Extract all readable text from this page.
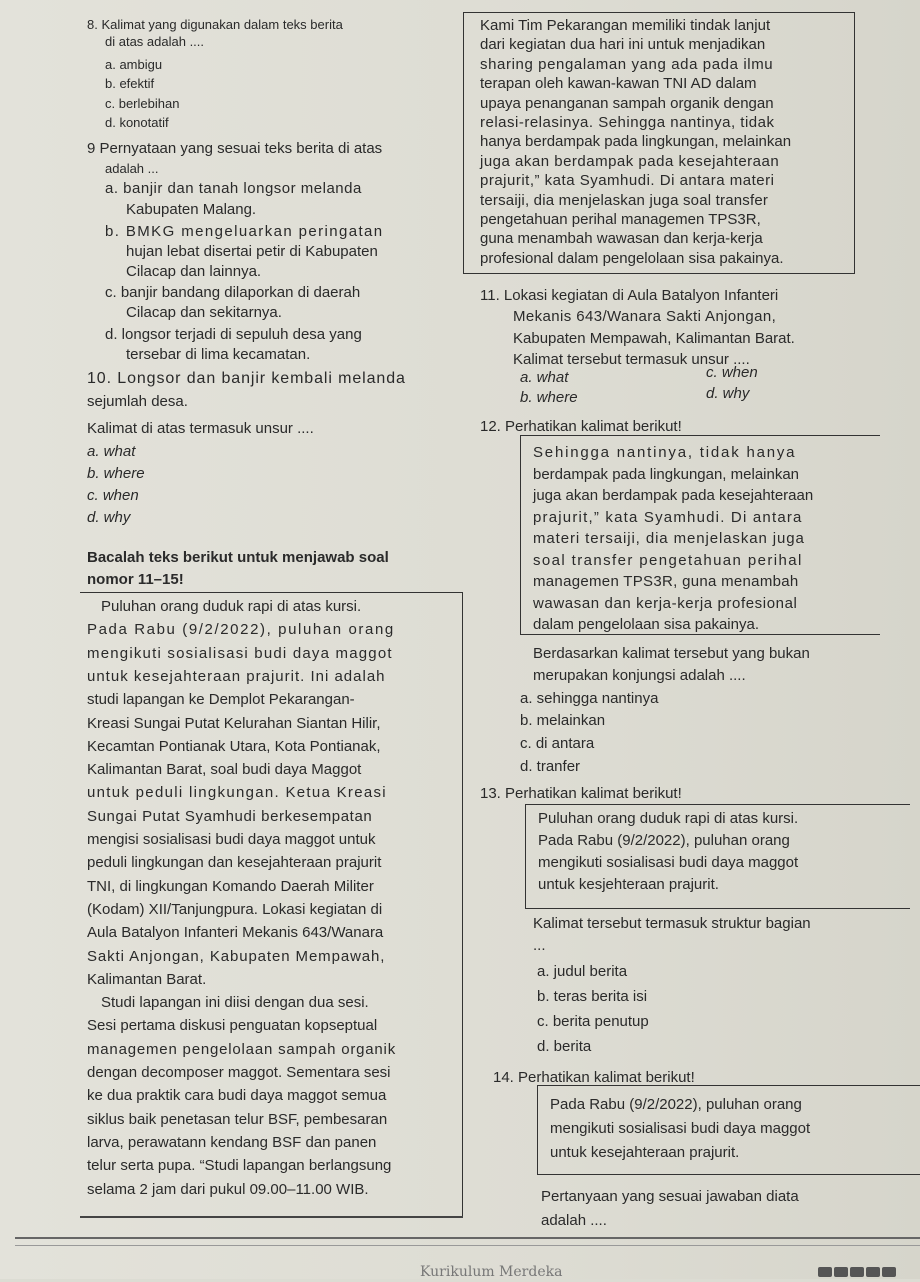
8. Kalimat yang digunakan dalam teks berita
di atas adalah ....
a. ambigu
b. efektif
c. berlebihan
d. konotatif
9 Pernyataan yang sesuai teks berita di atas
adalah ...
a. banjir dan tanah longsor melanda
Kabupaten Malang.
b. BMKG mengeluarkan peringatan
hujan lebat disertai petir di Kabupaten
Cilacap dan lainnya.
c. banjir bandang dilaporkan di daerah
Cilacap dan sekitarnya.
d. longsor terjadi di sepuluh desa yang
tersebar di lima kecamatan.
10. Longsor dan banjir kembali melanda
sejumlah desa.
Kalimat di atas termasuk unsur ....
a. what
b. where
c. when
d. why
Bacalah teks berikut untuk menjawab soal
nomor 11–15!
Puluhan orang duduk rapi di atas kursi.
Pada Rabu (9/2/2022), puluhan orang
mengikuti sosialisasi budi daya maggot
untuk kesejahteraan prajurit. Ini adalah
studi lapangan ke Demplot Pekarangan-
Kreasi Sungai Putat Kelurahan Siantan Hilir,
Kecamtan Pontianak Utara, Kota Pontianak,
Kalimantan Barat, soal budi daya Maggot
untuk peduli lingkungan. Ketua Kreasi
Sungai Putat Syamhudi berkesempatan
mengisi sosialisasi budi daya maggot untuk
peduli lingkungan dan kesejahteraan prajurit
TNI, di lingkungan Komando Daerah Militer
(Kodam) XII/Tanjungpura. Lokasi kegiatan di
Aula Batalyon Infanteri Mekanis 643/Wanara
Sakti Anjongan, Kabupaten Mempawah,
Kalimantan Barat.
Studi lapangan ini diisi dengan dua sesi.
Sesi pertama diskusi penguatan kopseptual
managemen pengelolaan sampah organik
dengan decomposer maggot. Sementara sesi
ke dua praktik cara budi daya maggot semua
siklus baik penetasan telur BSF, pembesaran
larva, perawatann kendang BSF dan panen
telur serta pupa. “Studi lapangan berlangsung
selama 2 jam dari pukul 09.00–11.00 WIB.
Kami Tim Pekarangan memiliki tindak lanjut
dari kegiatan dua hari ini untuk menjadikan
sharing pengalaman yang ada pada ilmu
terapan oleh kawan-kawan TNI AD dalam
upaya penanganan sampah organik dengan
relasi-relasinya. Sehingga nantinya, tidak
hanya berdampak pada lingkungan, melainkan
juga akan berdampak pada kesejahteraan
prajurit,” kata Syamhudi. Di antara materi
tersaiji, dia menjelaskan juga soal transfer
pengetahuan perihal managemen TPS3R,
guna menambah wawasan dan kerja-kerja
profesional dalam pengelolaan sisa pakainya.
11. Lokasi kegiatan di Aula Batalyon Infanteri
Mekanis 643/Wanara Sakti Anjongan,
Kabupaten Mempawah, Kalimantan Barat.
Kalimat tersebut termasuk unsur ....
a. what
b. where
c. when
d. why
12. Perhatikan kalimat berikut!
Sehingga nantinya, tidak hanya
berdampak pada lingkungan, melainkan
juga akan berdampak pada kesejahteraan
prajurit,” kata Syamhudi. Di antara
materi tersaiji, dia menjelaskan juga
soal transfer pengetahuan perihal
managemen TPS3R, guna menambah
wawasan dan kerja-kerja profesional
dalam pengelolaan sisa pakainya.
Berdasarkan kalimat tersebut yang bukan
merupakan konjungsi adalah ....
a. sehingga nantinya
b. melainkan
c. di antara
d. tranfer
13. Perhatikan kalimat berikut!
Puluhan orang duduk rapi di atas kursi.
Pada Rabu (9/2/2022), puluhan orang
mengikuti sosialisasi budi daya maggot
untuk kesjehteraan prajurit.
Kalimat tersebut termasuk struktur bagian
...
a. judul berita
b. teras berita isi
c. berita penutup
d. berita
14. Perhatikan kalimat berikut!
Pada Rabu (9/2/2022), puluhan orang
mengikuti sosialisasi budi daya maggot
untuk kesejahteraan prajurit.
Pertanyaan yang sesuai jawaban diata
adalah ....
Kurikulum Merdeka
